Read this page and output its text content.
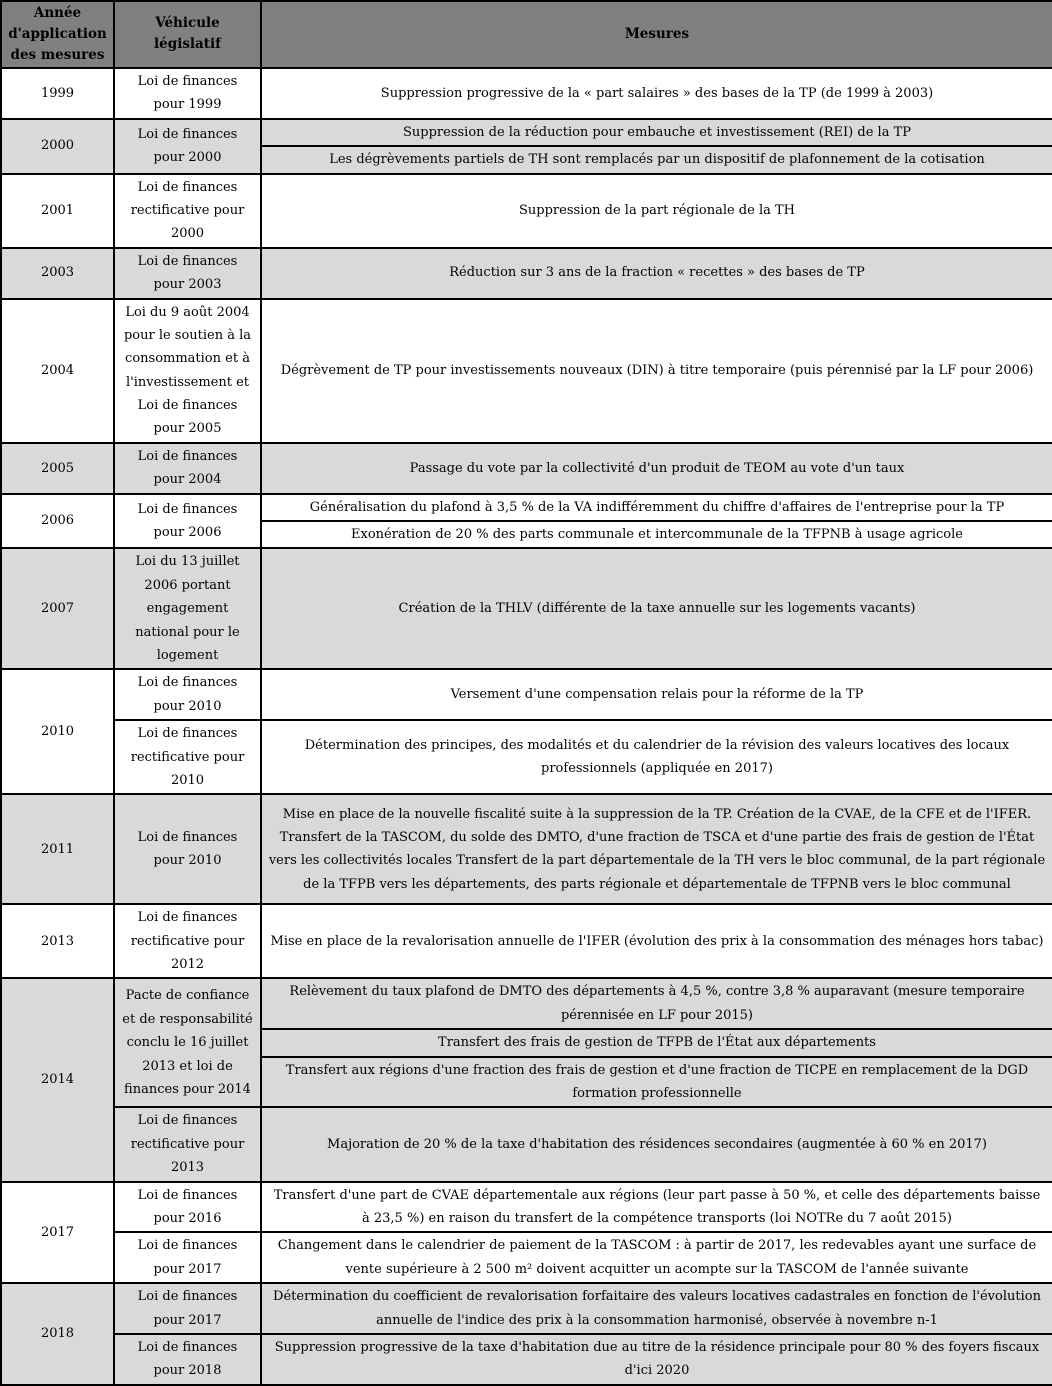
Année d'application des mesures	Véhicule législatif	Mesures
1999	Loi de finances pour 1999	Suppression progressive de la « part salaires » des bases de la TP (de 1999 à 2003)
2000	Loi de finances pour 2000	Suppression de la réduction pour embauche et investissement (REI) de la TP
		Les dégrèvements partiels de TH sont remplacés par un dispositif de plafonnement de la cotisation
2001	Loi de finances rectificative pour 2000	Suppression de la part régionale de la TH
2003	Loi de finances pour 2003	Réduction sur 3 ans de la fraction « recettes » des bases de TP
2004	Loi du 9 août 2004 pour le soutien à la consommation et à l'investissement et Loi de finances pour 2005	Dégrèvement de TP pour investissements nouveaux (DIN) à titre temporaire (puis pérennisé par la LF pour 2006)
2005	Loi de finances pour 2004	Passage du vote par la collectivité d'un produit de TEOM au vote d'un taux
2006	Loi de finances pour 2006	Généralisation du plafond à 3,5 % de la VA indifféremment du chiffre d'affaires de l'entreprise pour la TP
		Exonération de 20 % des parts communale et intercommunale de la TFPNB à usage agricole
2007	Loi du 13 juillet 2006 portant engagement national pour le logement	Création de la THLV (différente de la taxe annuelle sur les logements vacants)
2010	Loi de finances pour 2010	Versement d'une compensation relais pour la réforme de la TP
	Loi de finances rectificative pour 2010	Détermination des principes, des modalités et du calendrier de la révision des valeurs locatives des locaux professionnels (appliquée en 2017)
2011	Loi de finances pour 2010	Mise en place de la nouvelle fiscalité suite à la suppression de la TP. Création de la CVAE, de la CFE et de l'IFER. Transfert de la TASCOM, du solde des DMTO, d'une fraction de TSCA et d'une partie des frais de gestion de l'État vers les collectivités locales Transfert de la part départementale de la TH vers le bloc communal, de la part régionale de la TFPB vers les départements, des parts régionale et départementale de TFPNB vers le bloc communal
2013	Loi de finances rectificative pour 2012	Mise en place de la revalorisation annuelle de l'IFER (évolution des prix à la consommation des ménages hors tabac)
2014	Pacte de confiance et de responsabilité conclu le 16 juillet 2013 et loi de finances pour 2014	Relèvement du taux plafond de DMTO des départements à 4,5 %, contre 3,8 % auparavant (mesure temporaire pérennisée en LF pour 2015)
		Transfert des frais de gestion de TFPB de l'État aux départements
		Transfert aux régions d'une fraction des frais de gestion et d'une fraction de TICPE en remplacement de la DGD formation professionnelle
	Loi de finances rectificative pour 2013	Majoration de 20 % de la taxe d'habitation des résidences secondaires (augmentée à 60 % en 2017)
2017	Loi de finances pour 2016	Transfert d'une part de CVAE départementale aux régions (leur part passe à 50 %, et celle des départements baisse à 23,5 %) en raison du transfert de la compétence transports (loi NOTRe du 7 août 2015)
	Loi de finances pour 2017	Changement dans le calendrier de paiement de la TASCOM : à partir de 2017, les redevables ayant une surface de vente supérieure à 2 500 m² doivent acquitter un acompte sur la TASCOM de l'année suivante
2018	Loi de finances pour 2017	Détermination du coefficient de revalorisation forfaitaire des valeurs locatives cadastrales en fonction de l'évolution annuelle de l'indice des prix à la consommation harmonisé, observée à novembre n-1
	Loi de finances pour 2018	Suppression progressive de la taxe d'habitation due au titre de la résidence principale pour 80 % des foyers fiscaux d'ici 2020
